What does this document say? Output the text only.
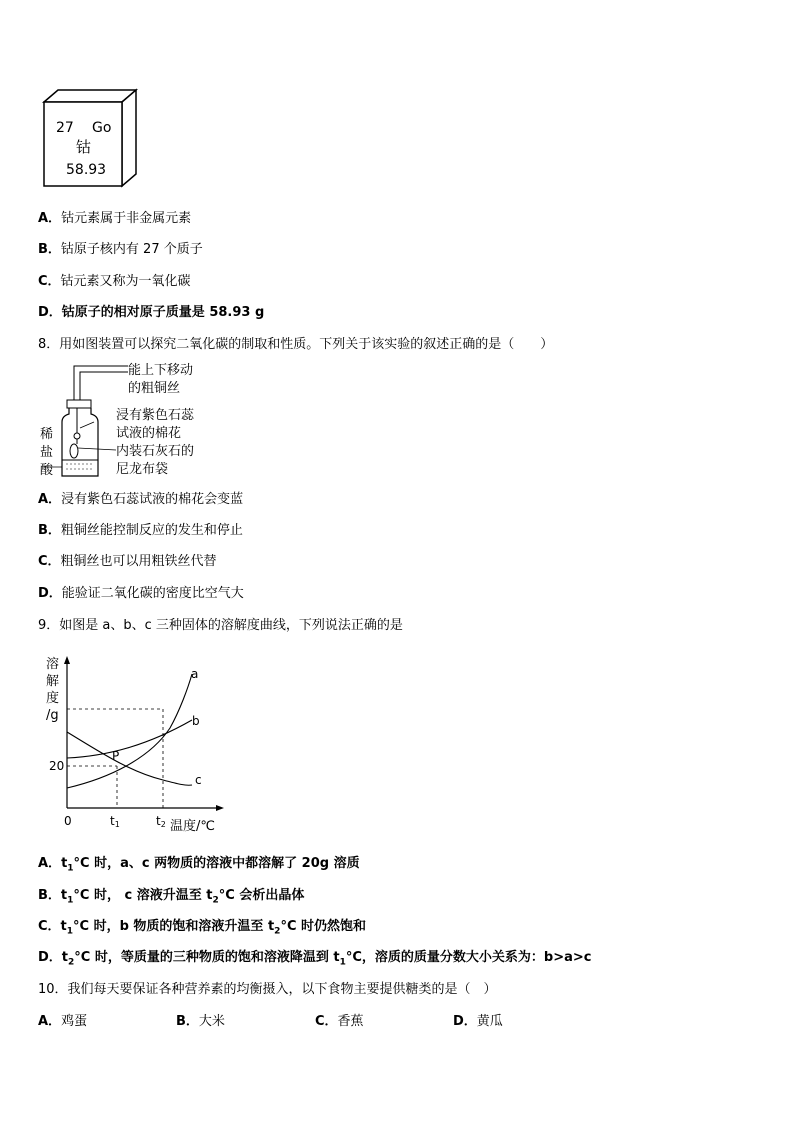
27 Go
钴
58.93
A．钴元素属于非金属元素
B．钴原子核内有 27 个质子
C．钴元素又称为一氧化碳
D．钴原子的相对原子质量是 58.93 g
8．用如图装置可以探究二氧化碳的制取和性质。下列关于该实验的叙述正确的是（　　）
能上下移动
的粗铜丝
浸有紫色石蕊
试液的棉花
内装石灰石的
尼龙布袋
稀
盐
酸
A．浸有紫色石蕊试液的棉花会变蓝
B．粗铜丝能控制反应的发生和停止
C．粗铜丝也可以用粗铁丝代替
D．能验证二氧化碳的密度比空气大
9．如图是 a、b、c 三种固体的溶解度曲线，下列说法正确的是
溶
解
度
/g
20
0	t1	t2 温度/℃
P
a
b
c
A．$t_1^\circ C$ 时，a、c 两物质的溶液中都溶解了 20g 溶质
B．$t_1^\circ C$ 时， c 溶液升温至 $t_2^\circ C$ 会析出晶体
C．$t_1^\circ C$ 时，b 物质的饱和溶液升温至 $t_2^\circ C$ 时仍然饱和
D．$t_2^\circ C$ 时，等质量的三种物质的饱和溶液降温到 $t_1^\circ C$，溶质的质量分数大小关系为：b>a>c
10．我们每天要保证各种营养素的均衡摄入，以下食物主要提供糖类的是（　）
A．鸡蛋	B．大米	C．香蕉	D．黄瓜
